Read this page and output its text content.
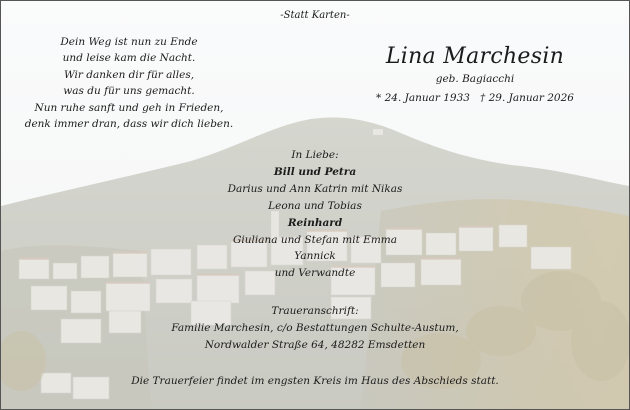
-Statt Karten-
Dein Weg ist nun zu Ende
und leise kam die Nacht.
Wir danken dir für alles,
was du für uns gemacht.
Nun ruhe sanft und geh in Frieden,
denk immer dran, dass wir dich lieben.
Lina Marchesin
geb. Bagiacchi
* 24. Januar 1933 † 29. Januar 2026
In Liebe:
Bill und Petra
Darius und Ann Katrin mit Nikas
Leona und Tobias
Reinhard
Giuliana und Stefan mit Emma
Yannick
und Verwandte
Traueranschrift:
Familie Marchesin, c/o Bestattungen Schulte-Austum,
Nordwalder Straße 64, 48282 Emsdetten
Die Trauerfeier findet im engsten Kreis im Haus des Abschieds statt.
